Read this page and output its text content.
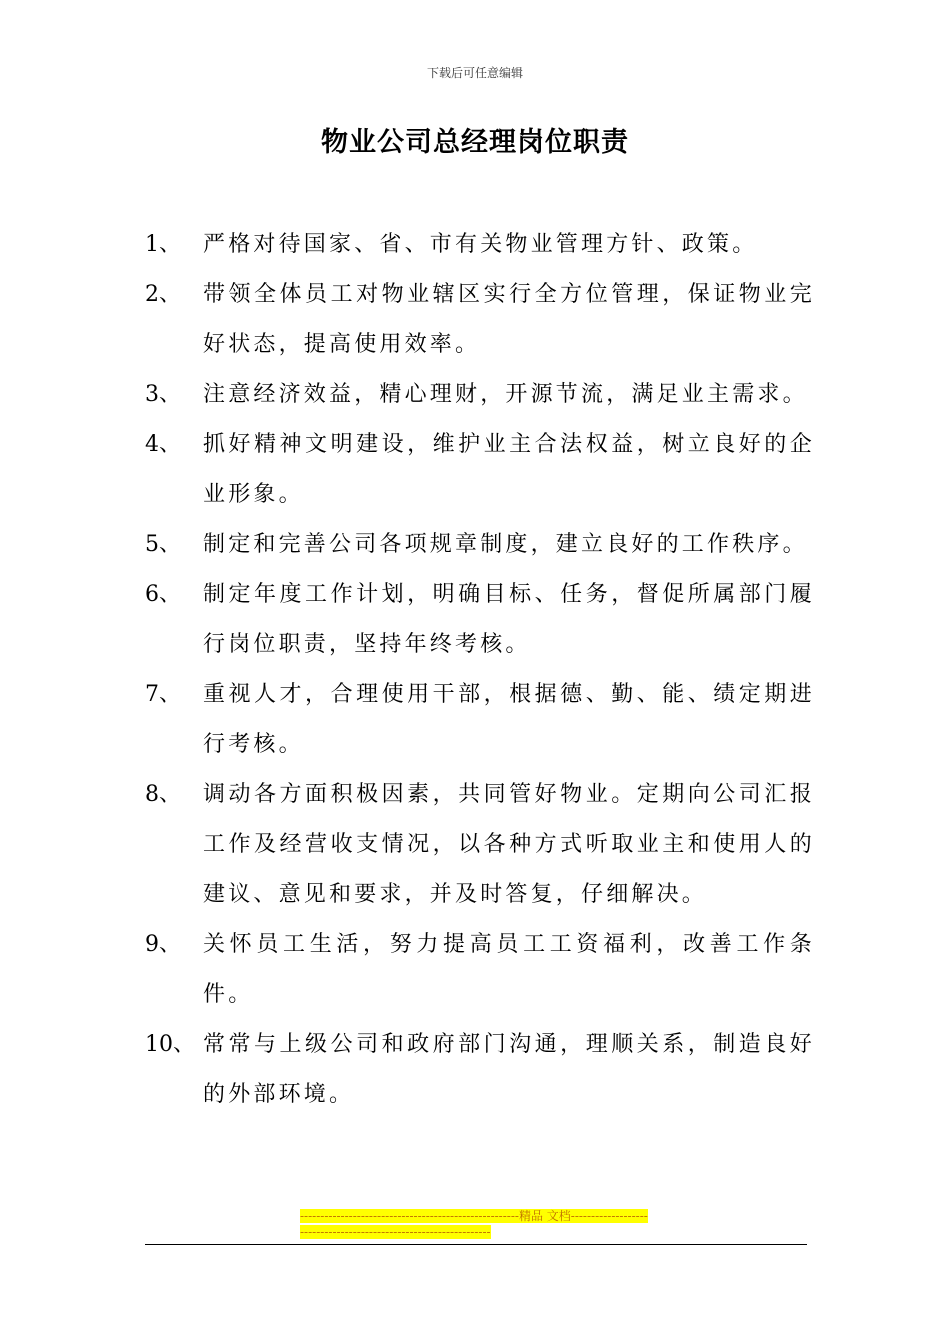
下载后可任意编辑
物业公司总经理岗位职责
1、	严格对待国家、省、市有关物业管理方针、政策。
2、	带领全体员工对物业辖区实行全方位管理，保证物业完好状态，提高使用效率。
3、	注意经济效益，精心理财，开源节流，满足业主需求。
4、	抓好精神文明建设，维护业主合法权益，树立良好的企业形象。
5、	制定和完善公司各项规章制度，建立良好的工作秩序。
6、	制定年度工作计划，明确目标、任务，督促所属部门履行岗位职责，坚持年终考核。
7、	重视人才，合理使用干部，根据德、勤、能、绩定期进行考核。
8、	调动各方面积极因素，共同管好物业。定期向公司汇报工作及经营收支情况，以各种方式听取业主和使用人的建议、意见和要求，并及时答复，仔细解决。
9、	关怀员工生活，努力提高员工工资福利，改善工作条件。
10、 常常与上级公司和政府部门沟通，理顺关系，制造良好的外部环境。
------------------------------------------------------精品 文档------------------------------------------------------------------
